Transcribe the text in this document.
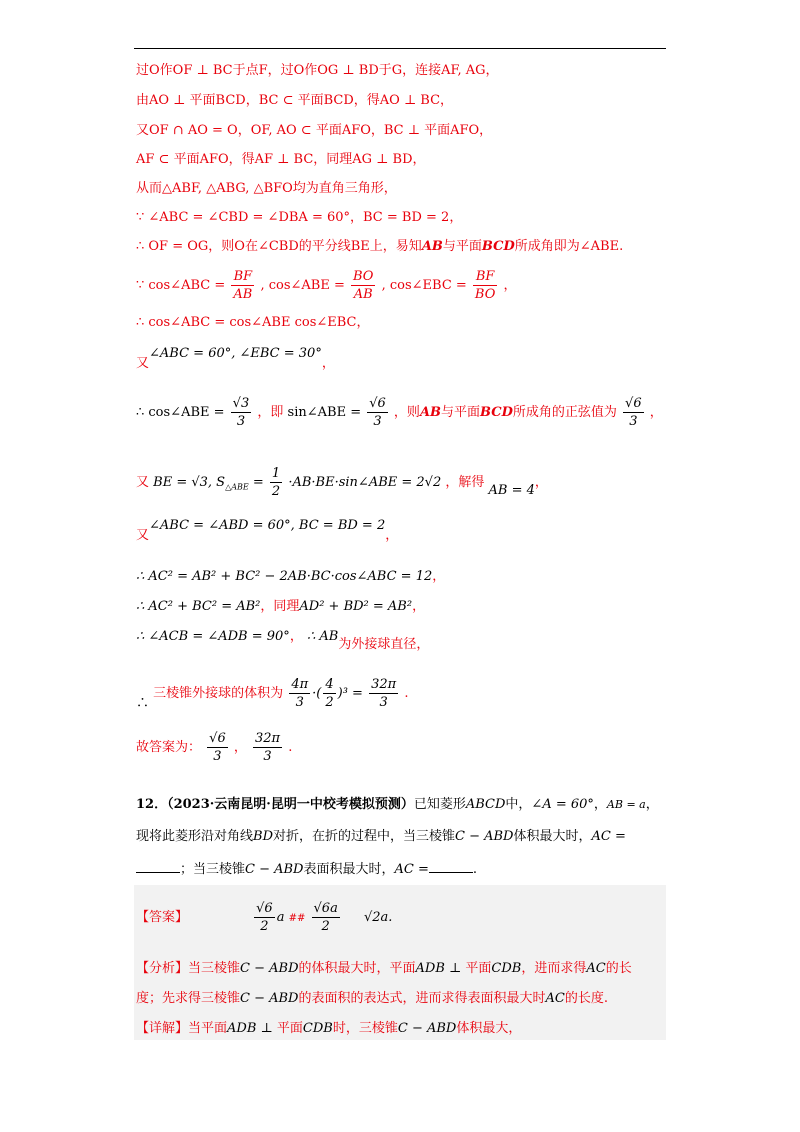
过O作OF ⊥ BC于点F，过O作OG ⊥ BD于G，连接AF, AG，
由AO ⊥ 平面BCD，BC ⊂ 平面BCD，得AO ⊥ BC，
又OF ∩ AO = O，OF, AO ⊂ 平面AFO，BC ⊥ 平面AFO，
AF ⊂ 平面AFO，得AF ⊥ BC，同理AG ⊥ BD，
从而△ABF, △ABG, △BFO均为直角三角形，
∵ ∠ABC = ∠CBD = ∠DBA = 60°，BC = BD = 2，
∴ OF = OG，则O在∠CBD的平分线BE上，易知AB与平面BCD所成角即为∠ABE.
∵ cos∠ABC = $\frac{BF}{AB}$ , cos∠ABE = $\frac{BO}{AB}$ , cos∠EBC = $\frac{BF}{BO}$ ，
∴ cos∠ABC = cos∠ABE cos∠EBC，
又∠ABC = 60°, ∠EBC = 30°，
∴ cos∠ABE = $\frac{√3}{3}$ ，即 sin∠ABE = $\frac{√6}{3}$ ，则AB与平面BCD所成角的正弦值为 $\frac{√6}{3}$ ，
又 BE = √3, $S_{\triangle ABE} = \frac{1}{2}$ ·AB·BE·sin∠ABE = 2√2 ，解得 AB = 4，
又∠ABC = ∠ABD = 60°, BC = BD = 2，
∴ AC² = AB² + BC² − 2AB·BC·cos∠ABC = 12，
∴ AC² + BC² = AB²，同理AD² + BD² = AB²，
∴ ∠ACB = ∠ADB = 90°， ∴ AB为外接球直径，
∴ 三棱锥外接球的体积为 $\frac{4\pi}{3}$ ·( $\frac{4}{2} )^3 = \frac{32\pi}{3}$ .
故答案为： $\frac{√6}{3}$ ， $\frac{32\pi}{3}$ .
12．（2023·云南昆明·昆明一中校考模拟预测）已知菱形ABCD中，∠A = 60°，AB = a，
现将此菱形沿对角线BD对折，在折的过程中，当三棱锥C − ABD体积最大时，AC =
；当三棱锥C − ABD表面积最大时，AC =	.
【答案】	$\frac{√6}{2}$ a ## $\frac{√6a}{2} √2a$.
【分析】当三棱锥C − ABD的体积最大时，平面ADB ⊥ 平面CDB，进而求得AC的长
度；先求得三棱锥C − ABD的表面积的表达式，进而求得表面积最大时AC的长度.
【详解】当平面ADB ⊥ 平面CDB时，三棱锥C − ABD体积最大，
